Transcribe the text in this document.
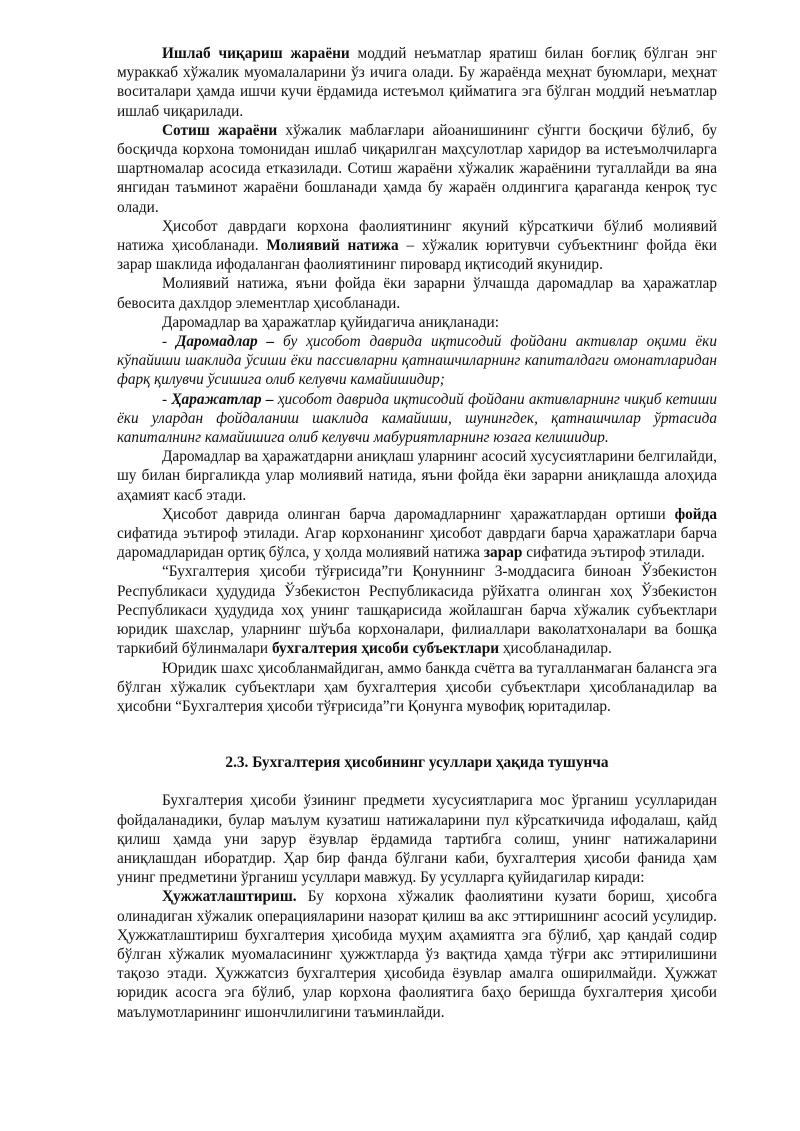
Ишлаб чиқариш жараёни моддий неъматлар яратиш билан боғлиқ бўлган энг мураккаб хўжалик муомалаларини ўз ичига олади. Бу жараёнда меҳнат буюмлари, меҳнат воситалари ҳамда ишчи кучи ёрдамида истеъмол қийматига эга бўлган моддий неъматлар ишлаб чиқарилади.

Сотиш жараёни хўжалик маблағлари айоанишининг сўнгги босқичи бўлиб, бу босқичда корхона томонидан ишлаб чиқарилган маҳсулотлар харидор ва истеъмолчиларга шартномалар асосида етказилади. Сотиш жараёни хўжалик жараёнини тугаллайди ва яна янгидан таъминот жараёни бошланади ҳамда бу жараён олдингига қараганда кенроқ тус олади.

Ҳисобот даврдаги корхона фаолиятининг якуний кўрсаткичи бўлиб молиявий натижа ҳисобланади. Молиявий натижа – хўжалик юритувчи субъектнинг фойда ёки зарар шаклида ифодаланган фаолиятининг пировард иқтисодий якунидир.

Молиявий натижа, яъни фойда ёки зарарни ўлчашда даромадлар ва ҳаражатлар бевосита дахлдор элементлар ҳисобланади.

Даромадлар ва ҳаражатлар қуйидагича аниқланади:

- Даромадлар – бу ҳисобот даврида иқтисодий фойдани активлар оқими ёки кўпайиши шаклида ўсиши ёки пассивларни қатнашчиларнинг капиталдаги омонатларидан фарқ қилувчи ўсишига олиб келувчи камайишидир;

- Ҳаражатлар – ҳисобот даврида иқтисодий фойдани активларнинг чиқиб кетиши ёки улардан фойдаланиш шаклида камайиши, шунингдек, қатнашчилар ўртасида капиталнинг камайишига олиб келувчи мабуриятларнинг юзага келишидир.

Даромадлар ва ҳаражатдарни аниқлаш уларнинг асосий хусусиятларини белгилайди, шу билан биргаликда улар молиявий натида, яъни фойда ёки зарарни аниқлашда алоҳида аҳамият касб этади.

Ҳисобот даврида олинган барча даромадларнинг ҳаражатлардан ортиши фойда сифатида эътироф этилади. Агар корхонанинг ҳисобот даврдаги барча ҳаражатлари барча даромадларидан ортиқ бўлса, у ҳолда молиявий натижа зарар сифатида эътироф этилади.

“Бухгалтерия ҳисоби тўғрисида”ги Қонуннинг 3-моддасига биноан Ўзбекистон Республикаси ҳудудида Ўзбекистон Республикасида рўйхатга олинган хоҳ Ўзбекистон Республикаси ҳудудида хоҳ унинг ташқарисида жойлашган барча хўжалик субъектлари юридик шахслар, уларнинг шўъба корхоналари, филиаллари ваколатхоналари ва бошқа таркибий бўлинмалари бухгалтерия ҳисоби субъектлари ҳисобланадилар.

Юридик шахс ҳисобланмайдиган, аммо банкда счётга ва тугалланмаган балансга эга бўлган хўжалик субъектлари ҳам бухгалтерия ҳисоби субъектлари ҳисобланадилар ва ҳисобни “Бухгалтерия ҳисоби тўғрисида”ги Қонунга мувофиқ юритадилар.

2.3. Бухгалтерия ҳисобининг усуллари ҳақида тушунча

Бухгалтерия ҳисоби ўзининг предмети хусусиятларига мос ўрганиш усулларидан фойдаланадики, булар маълум кузатиш натижаларини пул кўрсаткичида ифодалаш, қайд қилиш ҳамда уни зарур ёзувлар ёрдамида тартибга солиш, унинг натижаларини аниқлашдан иборатдир. Ҳар бир фанда бўлгани каби, бухгалтерия ҳисоби фанида ҳам унинг предметини ўрганиш усуллари мавжуд. Бу усулларга қуйидагилар киради:

Ҳужжатлаштириш. Бу корхона хўжалик фаолиятини кузати бориш, ҳисобга олинадиган хўжалик операцияларини назорат қилиш ва акс эттиришнинг асосий усулидир. Ҳужжатлаштириш бухгалтерия ҳисобида муҳим аҳамиятга эга бўлиб, ҳар қандай содир бўлган хўжалик муомаласининг ҳужжтларда ўз вақтида ҳамда тўғри акс эттирилишини тақозо этади. Ҳужжатсиз бухгалтерия ҳисобида ёзувлар амалга оширилмайди. Ҳужжат юридик асосга эга бўлиб, улар корхона фаолиятига баҳо беришда бухгалтерия ҳисоби маълумотларининг ишончлилигини таъминлайди.
